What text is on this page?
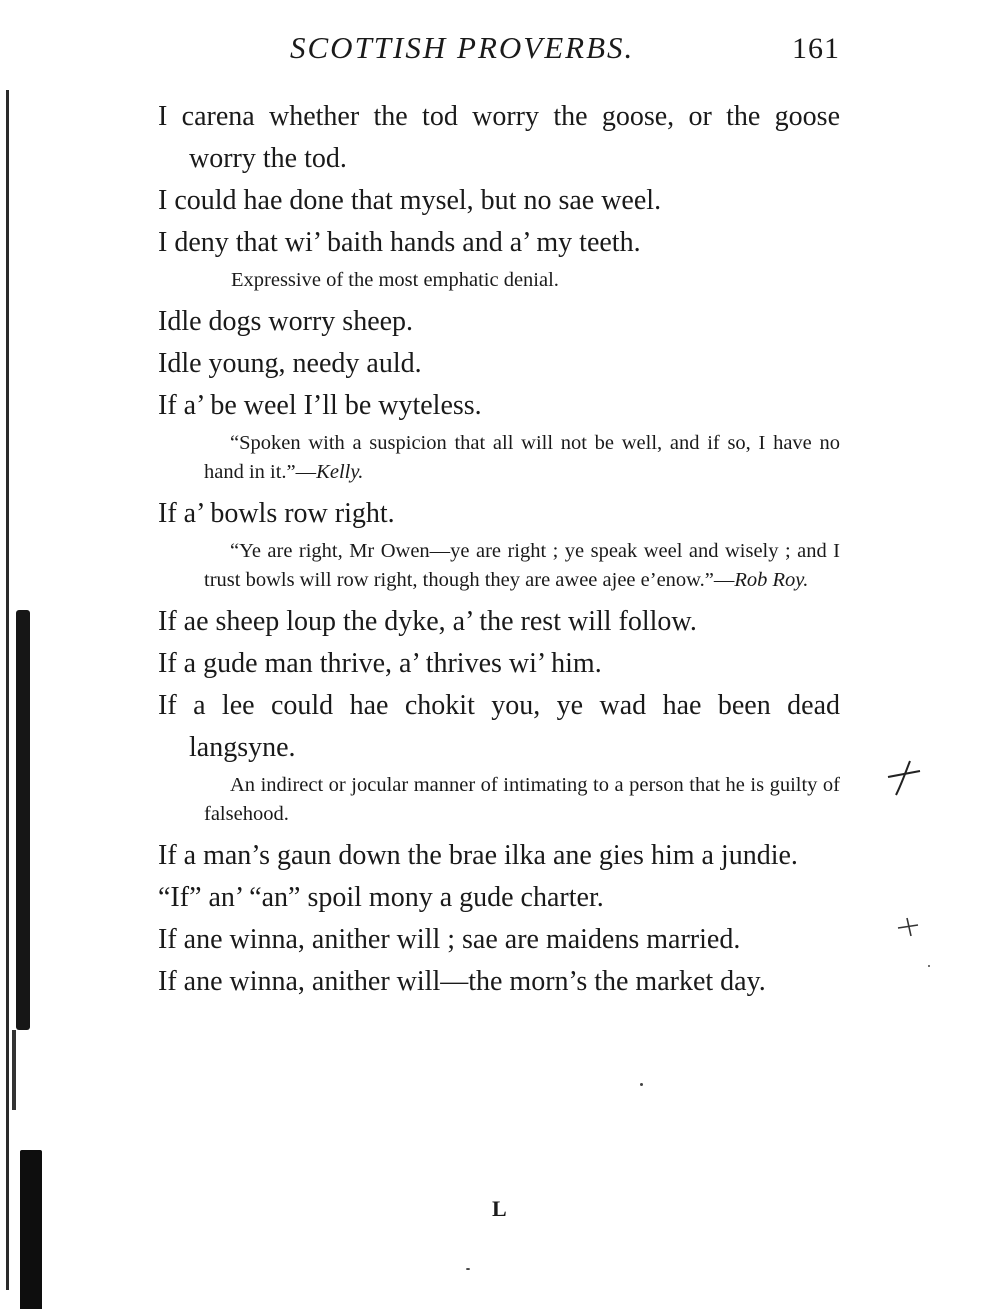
SCOTTISH PROVERBS.	161

I carena whether the tod worry the goose, or the goose worry the tod.

I could hae done that mysel, but no sae weel.

I deny that wi’ baith hands and a’ my teeth.

Expressive of the most emphatic denial.

Idle dogs worry sheep.

Idle young, needy auld.

If a’ be weel I’ll be wyteless.

“Spoken with a suspicion that all will not be well, and if so, I have no hand in it.”—Kelly.

If a’ bowls row right.

“Ye are right, Mr Owen—ye are right ; ye speak weel and wisely ; and I trust bowls will row right, though they are awee ajee e’enow.”—Rob Roy.

If ae sheep loup the dyke, a’ the rest will follow.

If a gude man thrive, a’ thrives wi’ him.

If a lee could hae chokit you, ye wad hae been dead langsyne.

An indirect or jocular manner of intimating to a person that he is guilty of falsehood.

If a man’s gaun down the brae ilka ane gies him a jundie.

“If” an’ “an” spoil mony a gude charter.

If ane winna, anither will ; sae are maidens married.

If ane winna, anither will—the morn’s the market day.

L
